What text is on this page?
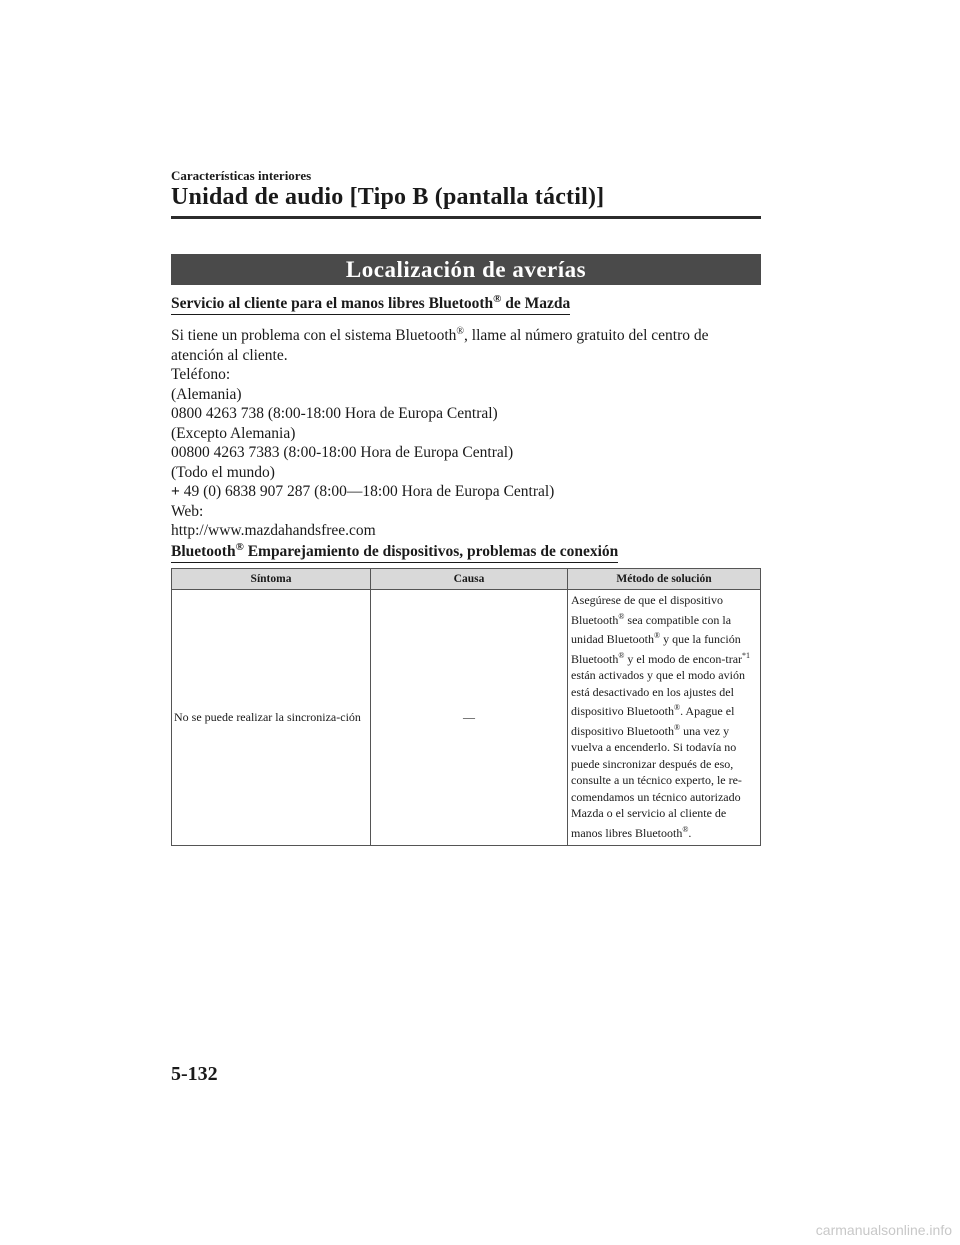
Características interiores
Unidad de audio [Tipo B (pantalla táctil)]
Localización de averías
Servicio al cliente para el manos libres Bluetooth® de Mazda

Si tiene un problema con el sistema Bluetooth®, llame al número gratuito del centro de atención al cliente.

Teléfono:

(Alemania)

0800 4263 738 (8:00-18:00 Hora de Europa Central)

(Excepto Alemania)

00800 4263 7383 (8:00-18:00 Hora de Europa Central)

(Todo el mundo)

+ 49 (0) 6838 907 287 (8:00―18:00 Hora de Europa Central)

Web:

http://www.mazdahandsfree.com

Bluetooth® Emparejamiento de dispositivos, problemas de conexión
Síntoma	Causa	Método de solución
No se puede realizar la sincroniza-ción	―	Asegúrese de que el dispositivo Bluetooth® sea compatible con la unidad Bluetooth® y que la función Bluetooth® y el modo de encon-trar$^{*1}$ están activados y que el modo avión está desactivado en los ajustes del dispositivo Bluetooth®. Apague el dispositivo Bluetooth® una vez y vuelva a encenderlo. Si todavía no puede sincronizar después de eso, consulte a un técnico experto, le re-comendamos un técnico autorizado Mazda o el servicio al cliente de manos libres Bluetooth®.
5-132
carmanualsonline.info
